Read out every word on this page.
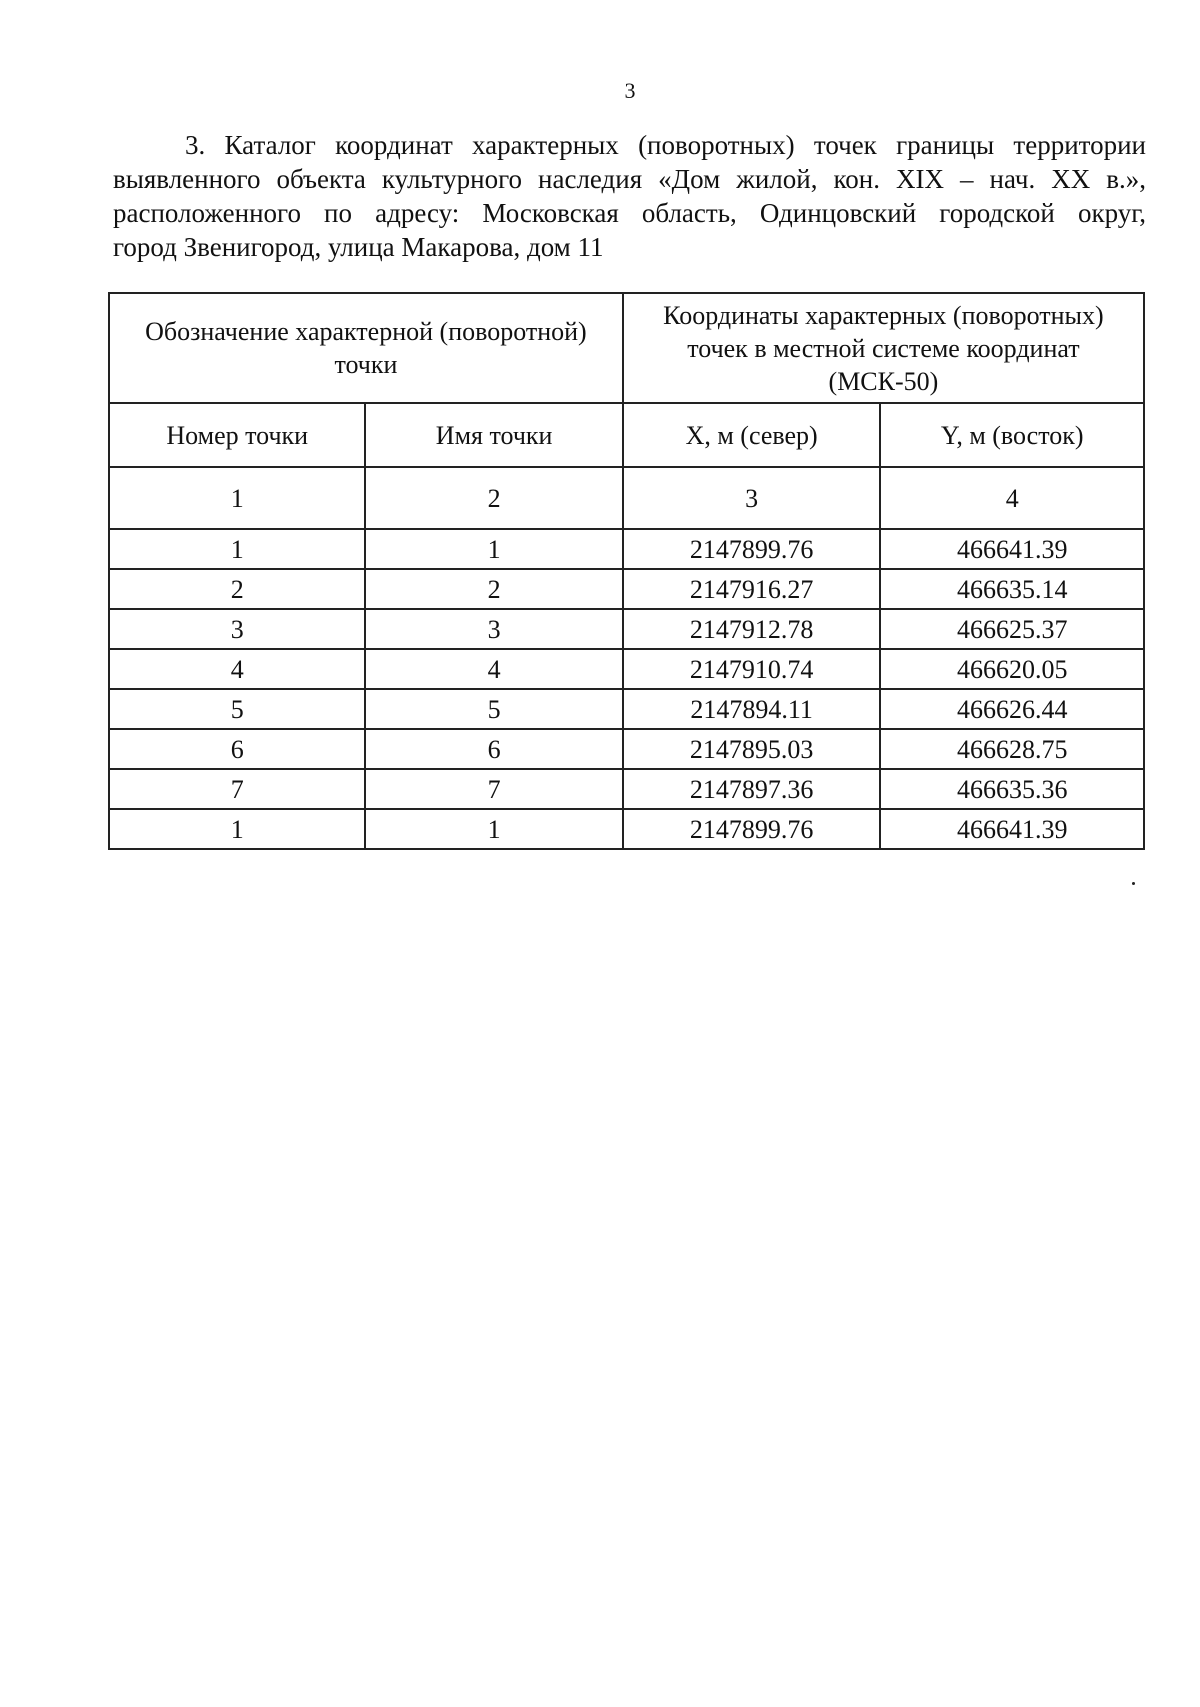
3
3. Каталог координат характерных (поворотных) точек границы территории
выявленного объекта культурного наследия «Дом жилой, кон. XIX – нач. XX в.»,
расположенного по адресу: Московская область, Одинцовский городской округ,
город Звенигород, улица Макарова, дом 11
Обозначение характерной (поворотной) точки		Координаты характерных (поворотных) точек в местной системе координат (МСК-50)	
Номер точки	Имя точки	X, м (север)	Y, м (восток)
1	2	3	4
1	1	2147899.76	466641.39
2	2	2147916.27	466635.14
3	3	2147912.78	466625.37
4	4	2147910.74	466620.05
5	5	2147894.11	466626.44
6	6	2147895.03	466628.75
7	7	2147897.36	466635.36
1	1	2147899.76	466641.39
